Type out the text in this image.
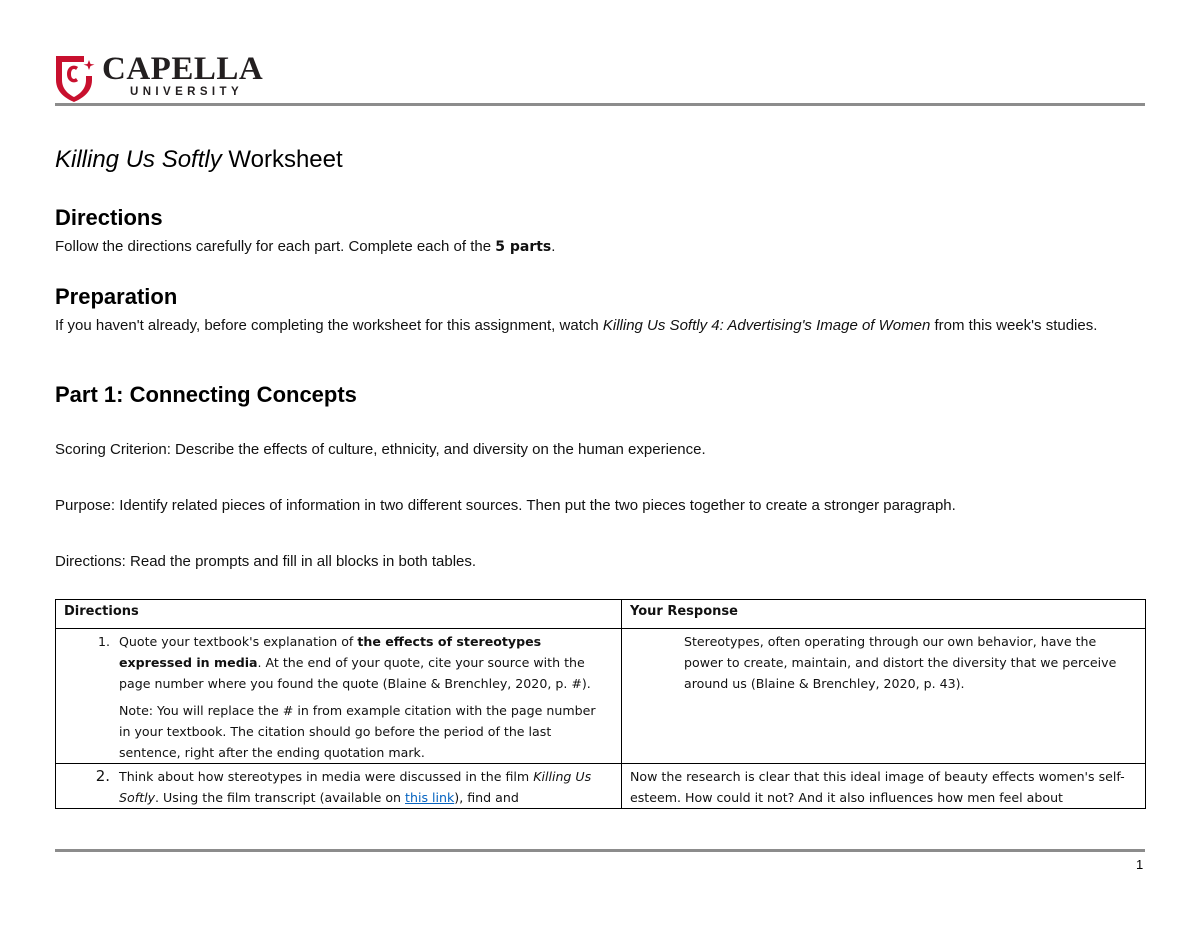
CAPELLA
UNIVERSITY
Killing Us Softly Worksheet
Directions
Follow the directions carefully for each part. Complete each of the 5 parts.
Preparation
If you haven't already, before completing the worksheet for this assignment, watch Killing Us Softly 4: Advertising's Image of Women from this week's studies.
Part 1: Connecting Concepts
Scoring Criterion: Describe the effects of culture, ethnicity, and diversity on the human experience.
Purpose: Identify related pieces of information in two different sources. Then put the two pieces together to create a stronger paragraph.
Directions: Read the prompts and fill in all blocks in both tables.
Directions	Your Response

1. Quote your textbook's explanation of the effects of stereotypes expressed in media. At the end of your quote, cite your source with the page number where you found the quote (Blaine & Brenchley, 2020, p. #).
Note: You will replace the # in from example citation with the page number in your textbook. The citation should go before the period of the last sentence, right after the ending quotation mark.	Stereotypes, often operating through our own behavior, have the power to create, maintain, and distort the diversity that we perceive around us (Blaine & Brenchley, 2020, p. 43).

2. Think about how stereotypes in media were discussed in the film Killing Us Softly. Using the film transcript (available on this link), find and	Now the research is clear that this ideal image of beauty effects women's self-esteem. How could it not? And it also influences how men feel about
1
